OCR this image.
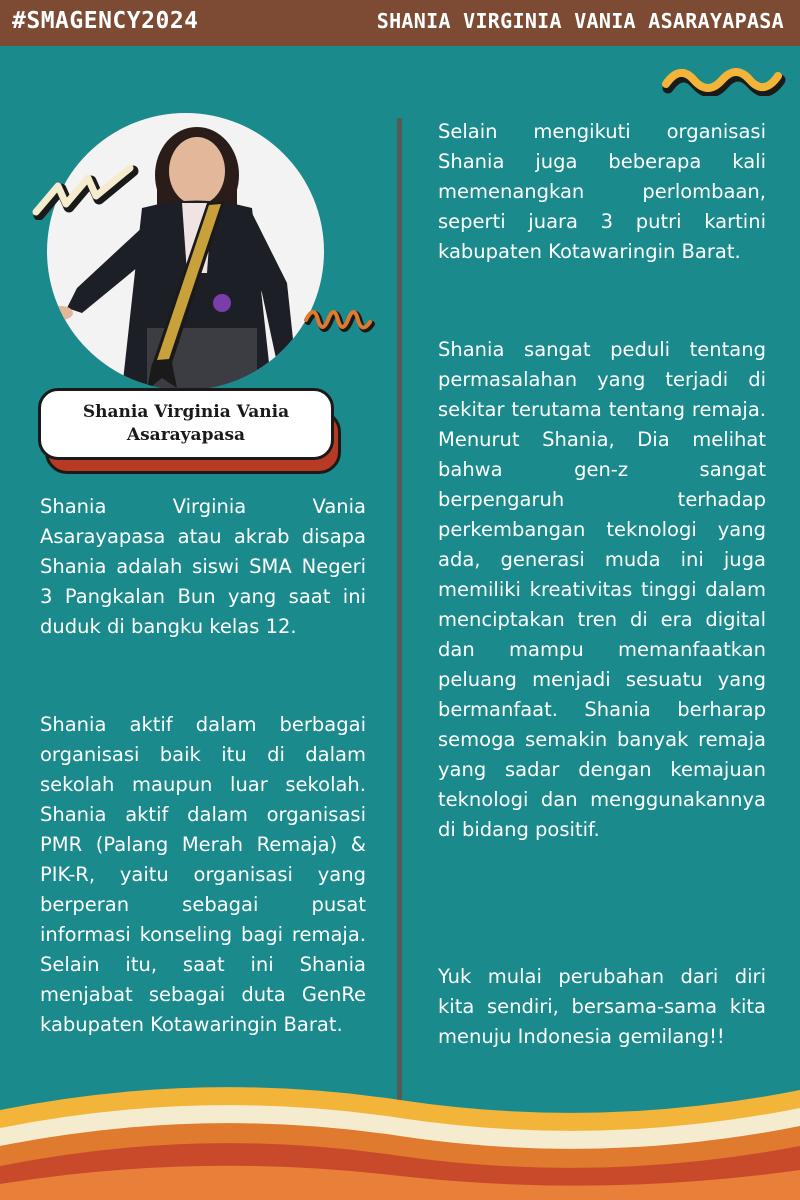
#SMAGENCY2024	SHANIA VIRGINIA VANIA ASARAYAPASA
Shania Virginia Vania Asarayapasa

Shania Virginia Vania Asarayapasa atau akrab disapa Shania adalah siswi SMA Negeri 3 Pangkalan Bun yang saat ini duduk di bangku kelas 12.

Shania aktif dalam berbagai organisasi baik itu di dalam sekolah maupun luar sekolah. Shania aktif dalam organisasi PMR (Palang Merah Remaja) & PIK-R, yaitu organisasi yang berperan sebagai pusat informasi konseling bagi remaja. Selain itu, saat ini Shania menjabat sebagai duta GenRe kabupaten Kotawaringin Barat.

Selain mengikuti organisasi Shania juga beberapa kali memenangkan perlombaan, seperti juara 3 putri kartini kabupaten Kotawaringin Barat.

Shania sangat peduli tentang permasalahan yang terjadi di sekitar terutama tentang remaja. Menurut Shania, Dia melihat bahwa gen-z sangat berpengaruh terhadap perkembangan teknologi yang ada, generasi muda ini juga memiliki kreativitas tinggi dalam menciptakan tren di era digital dan mampu memanfaatkan peluang menjadi sesuatu yang bermanfaat. Shania berharap semoga semakin banyak remaja yang sadar dengan kemajuan teknologi dan menggunakannya di bidang positif.

Yuk mulai perubahan dari diri kita sendiri, bersama-sama kita menuju Indonesia gemilang!!
